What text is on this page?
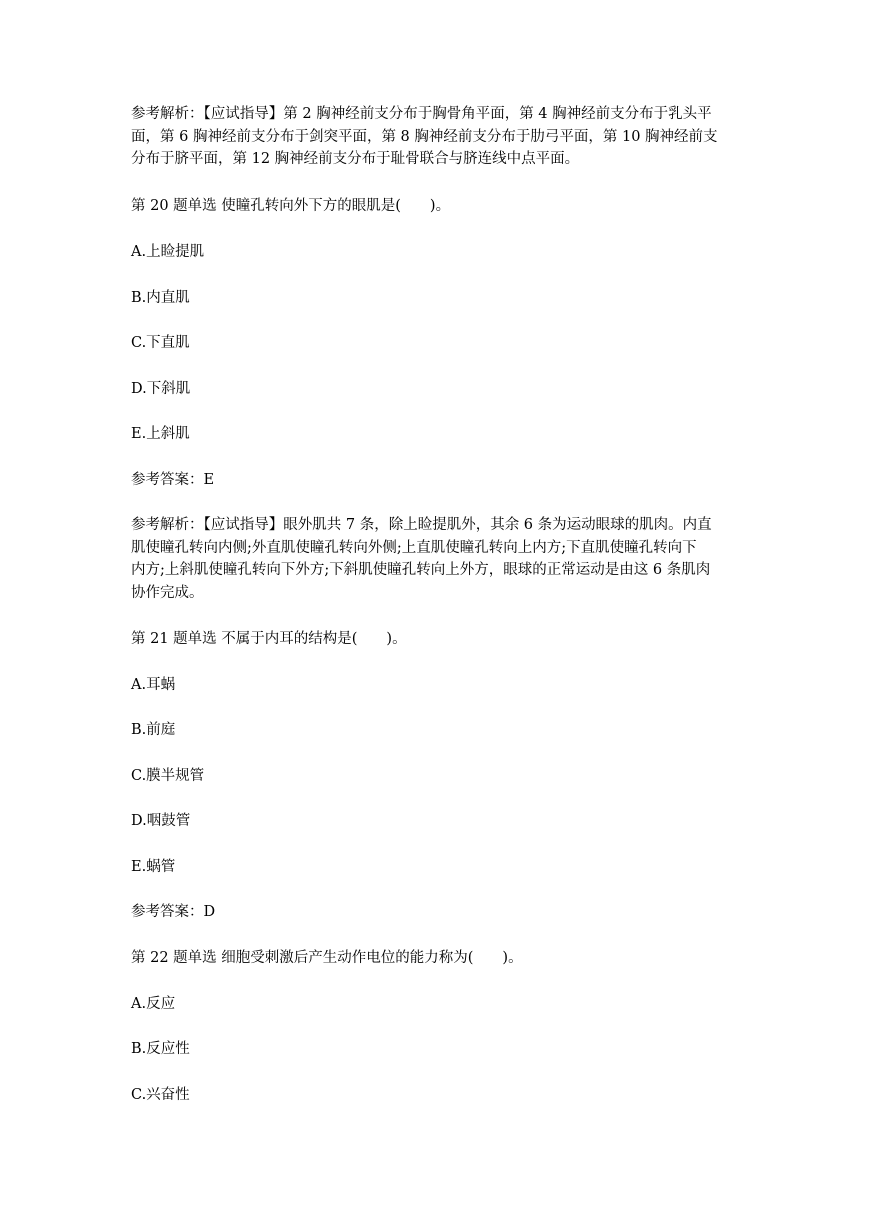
参考解析：【应试指导】第 2 胸神经前支分布于胸骨角平面，第 4 胸神经前支分布于乳头平
面，第 6 胸神经前支分布于剑突平面，第 8 胸神经前支分布于肋弓平面，第 10 胸神经前支
分布于脐平面，第 12 胸神经前支分布于耻骨联合与脐连线中点平面。

第 20 题单选 使瞳孔转向外下方的眼肌是(　　)。

A.上睑提肌

B.内直肌

C.下直肌

D.下斜肌

E.上斜肌

参考答案：E

参考解析：【应试指导】眼外肌共 7 条，除上睑提肌外，其余 6 条为运动眼球的肌肉。内直
肌使瞳孔转向内侧;外直肌使瞳孔转向外侧;上直肌使瞳孔转向上内方;下直肌使瞳孔转向下
内方;上斜肌使瞳孔转向下外方;下斜肌使瞳孔转向上外方，眼球的正常运动是由这 6 条肌肉
协作完成。

第 21 题单选 不属于内耳的结构是(　　)。

A.耳蜗

B.前庭

C.膜半规管

D.咽鼓管

E.蜗管

参考答案：D

第 22 题单选 细胞受刺激后产生动作电位的能力称为(　　)。

A.反应

B.反应性

C.兴奋性
